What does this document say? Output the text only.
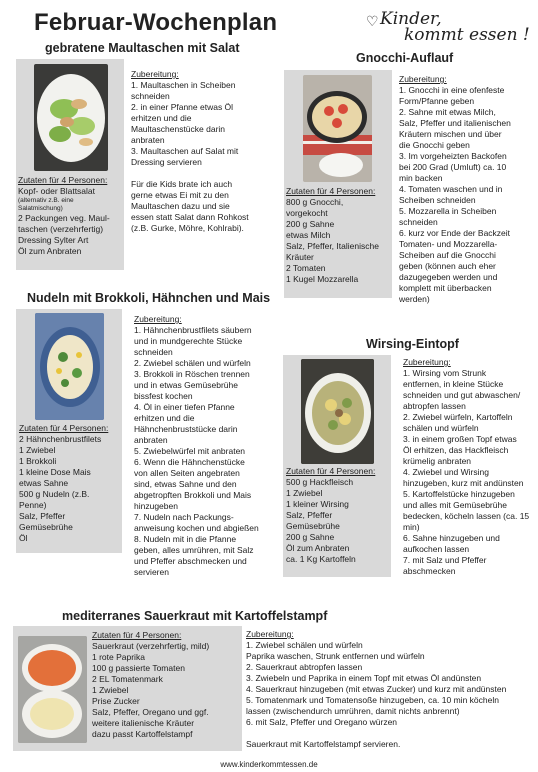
Februar-Wochenplan	♡ Kinder,
kommt essen !
gebratene Maultaschen mit Salat
Zutaten für 4 Personen:
Kopf- oder Blattsalat
(alternativ z.B. eine
Salatmischung)
2 Packungen veg. Maul-
taschen (verzehrfertig)
Dressing Sylter Art
Öl zum Anbraten
Zubereitung:
1. Maultaschen in Scheiben
schneiden
2. in einer Pfanne etwas Öl
erhitzen und die
Maultaschenstücke darin
anbraten
3. Maultaschen auf Salat mit
Dressing servieren
Für die Kids brate ich auch
gerne etwas Ei mit zu den
Maultaschen dazu und sie
essen statt Salat dann Rohkost
(z.B. Gurke, Möhre, Kohlrabi).
Gnocchi-Auflauf
Zutaten für 4 Personen:
800 g Gnocchi,
vorgekocht
200 g Sahne
etwas Milch
Salz, Pfeffer, Italienische
Kräuter
2 Tomaten
1 Kugel Mozzarella
Zubereitung:
1. Gnocchi in eine ofenfeste
Form/Pfanne geben
2. Sahne mit etwas Milch,
Salz, Pfeffer und italienischen
Kräutern mischen und über
die Gnocchi geben
3. Im vorgeheizten Backofen
bei 200 Grad (Umluft) ca. 10
min backen
4. Tomaten waschen und in
Scheiben schneiden
5. Mozzarella in Scheiben
schneiden
6. kurz vor Ende der Backzeit
Tomaten- und Mozzarella-
Scheiben auf die Gnocchi
geben (können auch eher
dazugegeben werden und
komplett mit überbacken
werden)
Nudeln mit Brokkoli, Hähnchen und Mais
Zutaten für 4 Personen:
2 Hähnchenbrustfilets
1 Zwiebel
1 Brokkoli
1 kleine Dose Mais
etwas Sahne
500 g Nudeln (z.B.
Penne)
Salz, Pfeffer
Gemüsebrühe
Öl
Zubereitung:
1. Hähnchenbrustfilets säubern
und in mundgerechte Stücke
schneiden
2. Zwiebel schälen und würfeln
3. Brokkoli in Röschen trennen
und in etwas Gemüsebrühe
bissfest kochen
4. Öl in einer tiefen Pfanne
erhitzen und die
Hähnchenbruststücke darin
anbraten
5. Zwiebelwürfel mit anbraten
6. Wenn die Hähnchenstücke
von allen Seiten angebraten
sind, etwas Sahne und den
abgetropften Brokkoli und Mais
hinzugeben
7. Nudeln nach Packungs-
anweisung kochen und abgießen
8. Nudeln mit in die Pfanne
geben, alles umrühren, mit Salz
und Pfeffer abschmecken und
servieren
Wirsing-Eintopf
Zutaten für 4 Personen:
500 g Hackfleisch
1 Zwiebel
1 kleiner Wirsing
Salz, Pfeffer
Gemüsebrühe
200 g Sahne
Öl zum Anbraten
ca. 1 Kg Kartoffeln
Zubereitung:
1. Wirsing vom Strunk
entfernen, in kleine Stücke
schneiden und gut abwaschen/
abtropfen lassen
2. Zwiebel würfeln, Kartoffeln
schälen und würfeln
3. in einem großen Topf etwas
Öl erhitzen, das Hackfleisch
krümelig anbraten
4. Zwiebel und Wirsing
hinzugeben, kurz mit andünsten
5. Kartoffelstücke hinzugeben
und alles mit Gemüsebrühe
bedecken, köcheln lassen (ca. 15
min)
6. Sahne hinzugeben und
aufkochen lassen
7. mit Salz und Pfeffer
abschmecken
mediterranes Sauerkraut mit Kartoffelstampf
Zutaten für 4 Personen:
Sauerkraut (verzehrfertig, mild)
1 rote Paprika
100 g passierte Tomaten
2 EL Tomatenmark
1 Zwiebel
Prise Zucker
Salz, Pfeffer, Oregano und ggf.
weitere italienische Kräuter
dazu passt Kartoffelstampf
Zubereitung:
1. Zwiebel schälen und würfeln
Paprika waschen, Strunk entfernen und würfeln
2. Sauerkraut abtropfen lassen
3. Zwiebeln und Paprika in einem Topf mit etwas Öl andünsten
4. Sauerkraut hinzugeben (mit etwas Zucker) und kurz mit andünsten
5. Tomatenmark und Tomatensoße hinzugeben, ca. 10 min köcheln
lassen (zwischendurch umrühren, damit nichts anbrennt)
6. mit Salz, Pfeffer und Oregano würzen
Sauerkraut mit Kartoffelstampf servieren.
www.kinderkommtessen.de
